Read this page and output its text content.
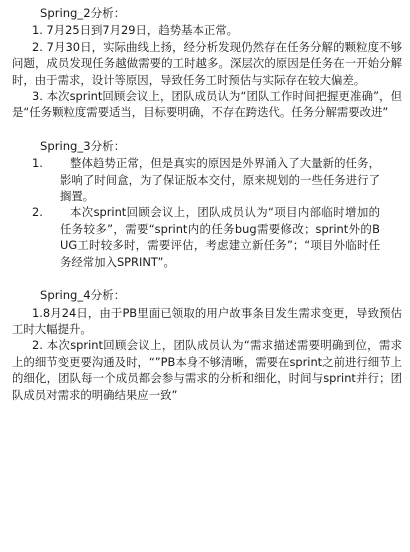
Spring_2分析：

1. 7月25日到7月29日，趋势基本正常。

2. 7月30日，实际曲线上扬，经分析发现仍然存在任务分解的颗粒度不够问题，成员发现任务越做需要的工时越多。深层次的原因是任务在一开始分解时，由于需求，设计等原因，导致任务工时预估与实际存在较大偏差。

3. 本次sprint回顾会议上，团队成员认为“团队工作时间把握更准确”，但是“任务颗粒度需要适当，目标要明确，不存在跨迭代。任务分解需要改进”

Spring_3分析：

1.	整体趋势正常，但是真实的原因是外界涌入了大量新的任务，影响了时间盒，为了保证版本交付，原来规划的一些任务进行了搁置。
2.	本次sprint回顾会议上，团队成员认为“项目内部临时增加的任务较多”，需要“sprint内的任务bug需要修改；sprint外的BUG工时较多时，需要评估，考虑建立新任务”；“项目外临时任务经常加入SPRINT”。

Spring_4分析：

1.8月24日，由于PB里面已领取的用户故事条目发生需求变更，导致预估工时大幅提升。

2. 本次sprint回顾会议上，团队成员认为“需求描述需要明确到位，需求上的细节变更要沟通及时，“”PB本身不够清晰，需要在sprint之前进行细节上的细化，团队每一个成员都会参与需求的分析和细化，时间与sprint并行；团队成员对需求的明确结果应一致”
